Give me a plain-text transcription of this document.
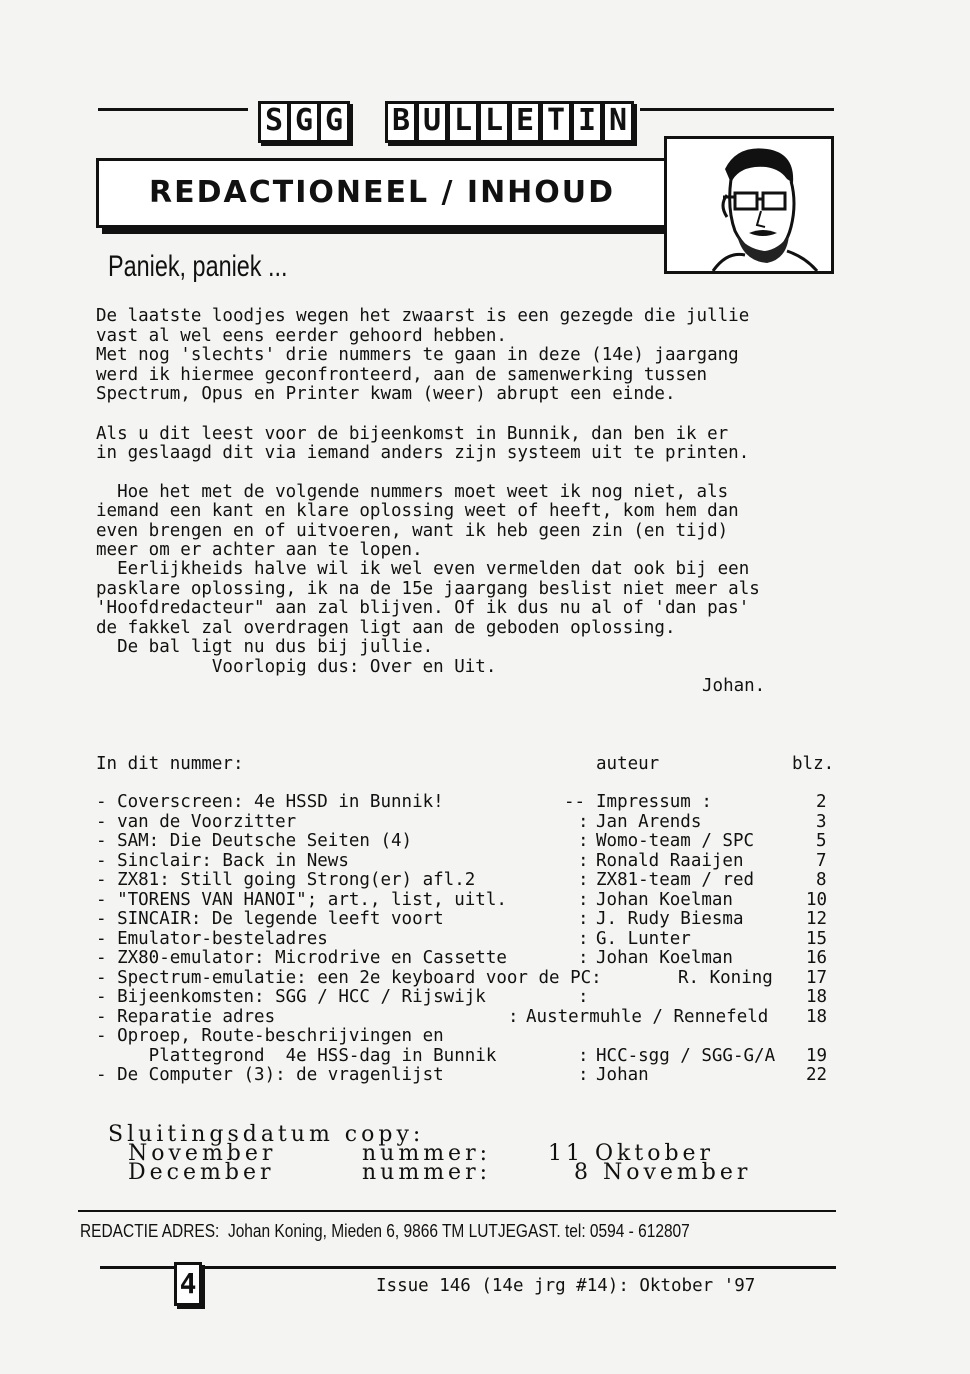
S G G B U L L E T I N
REDACTIONEEL / INHOUD
Paniek, paniek ...
De laatste loodjes wegen het zwaarst is een gezegde die jullie
vast al wel eens eerder gehoord hebben.
Met nog 'slechts' drie nummers te gaan in deze (14e) jaargang
werd ik hiermee geconfronteerd, aan de samenwerking tussen
Spectrum, Opus en Printer kwam (weer) abrupt een einde.
Als u dit leest voor de bijeenkomst in Bunnik, dan ben ik er
in geslaagd dit via iemand anders zijn systeem uit te printen.
Hoe het met de volgende nummers moet weet ik nog niet, als
iemand een kant en klare oplossing weet of heeft, kom hem dan
even brengen en of uitvoeren, want ik heb geen zin (en tijd)
meer om er achter aan te lopen.
Eerlijkheids halve wil ik wel even vermelden dat ook bij een
pasklare oplossing, ik na de 15e jaargang beslist niet meer als
'Hoofdredacteur" aan zal blijven. Of ik dus nu al of 'dan pas'
de fakkel zal overdragen ligt aan de geboden oplossing.
De bal ligt nu dus bij jullie.
Voorlopig dus: Over en Uit.
Johan.
In dit nummer:	auteur	blz.
- Coverscreen: 4e HSSD in Bunnik!	-- Impressum :	2
- van de Voorzitter	: Jan Arends	3
- SAM: Die Deutsche Seiten (4)	: Womo-team / SPC	5
- Sinclair: Back in News	: Ronald Raaijen	7
- ZX81: Still going Strong(er) afl.2	: ZX81-team / red	8
- "TORENS VAN HANOI"; art., list, uitl.	: Johan Koelman	10
- SINCAIR: De legende leeft voort	: J. Rudy Biesma	12
- Emulator-besteladres	: G. Lunter	15
- ZX80-emulator: Microdrive en Cassette	: Johan Koelman	16
- Spectrum-emulatie: een 2e keyboard voor de PC:	R. Koning 17
- Bijeenkomsten: SGG / HCC / Rijswijk	:	18
- Reparatie adres	: Austermuhle / Rennefeld 18
- Oproep, Route-beschrijvingen en
Plattegrond  4e HSS-dag in Bunnik	: HCC-sgg / SGG-G/A 19
- De Computer (3): de vragenlijst	: Johan	22
Sluitingsdatum copy:
November	nummer:	11 Oktober
December	nummer:	8 November
REDACTIE ADRES:  Johan Koning, Mieden 6, 9866 TM LUTJEGAST. tel: 0594 - 612807
4	Issue 146 (14e jrg #14): Oktober '97
